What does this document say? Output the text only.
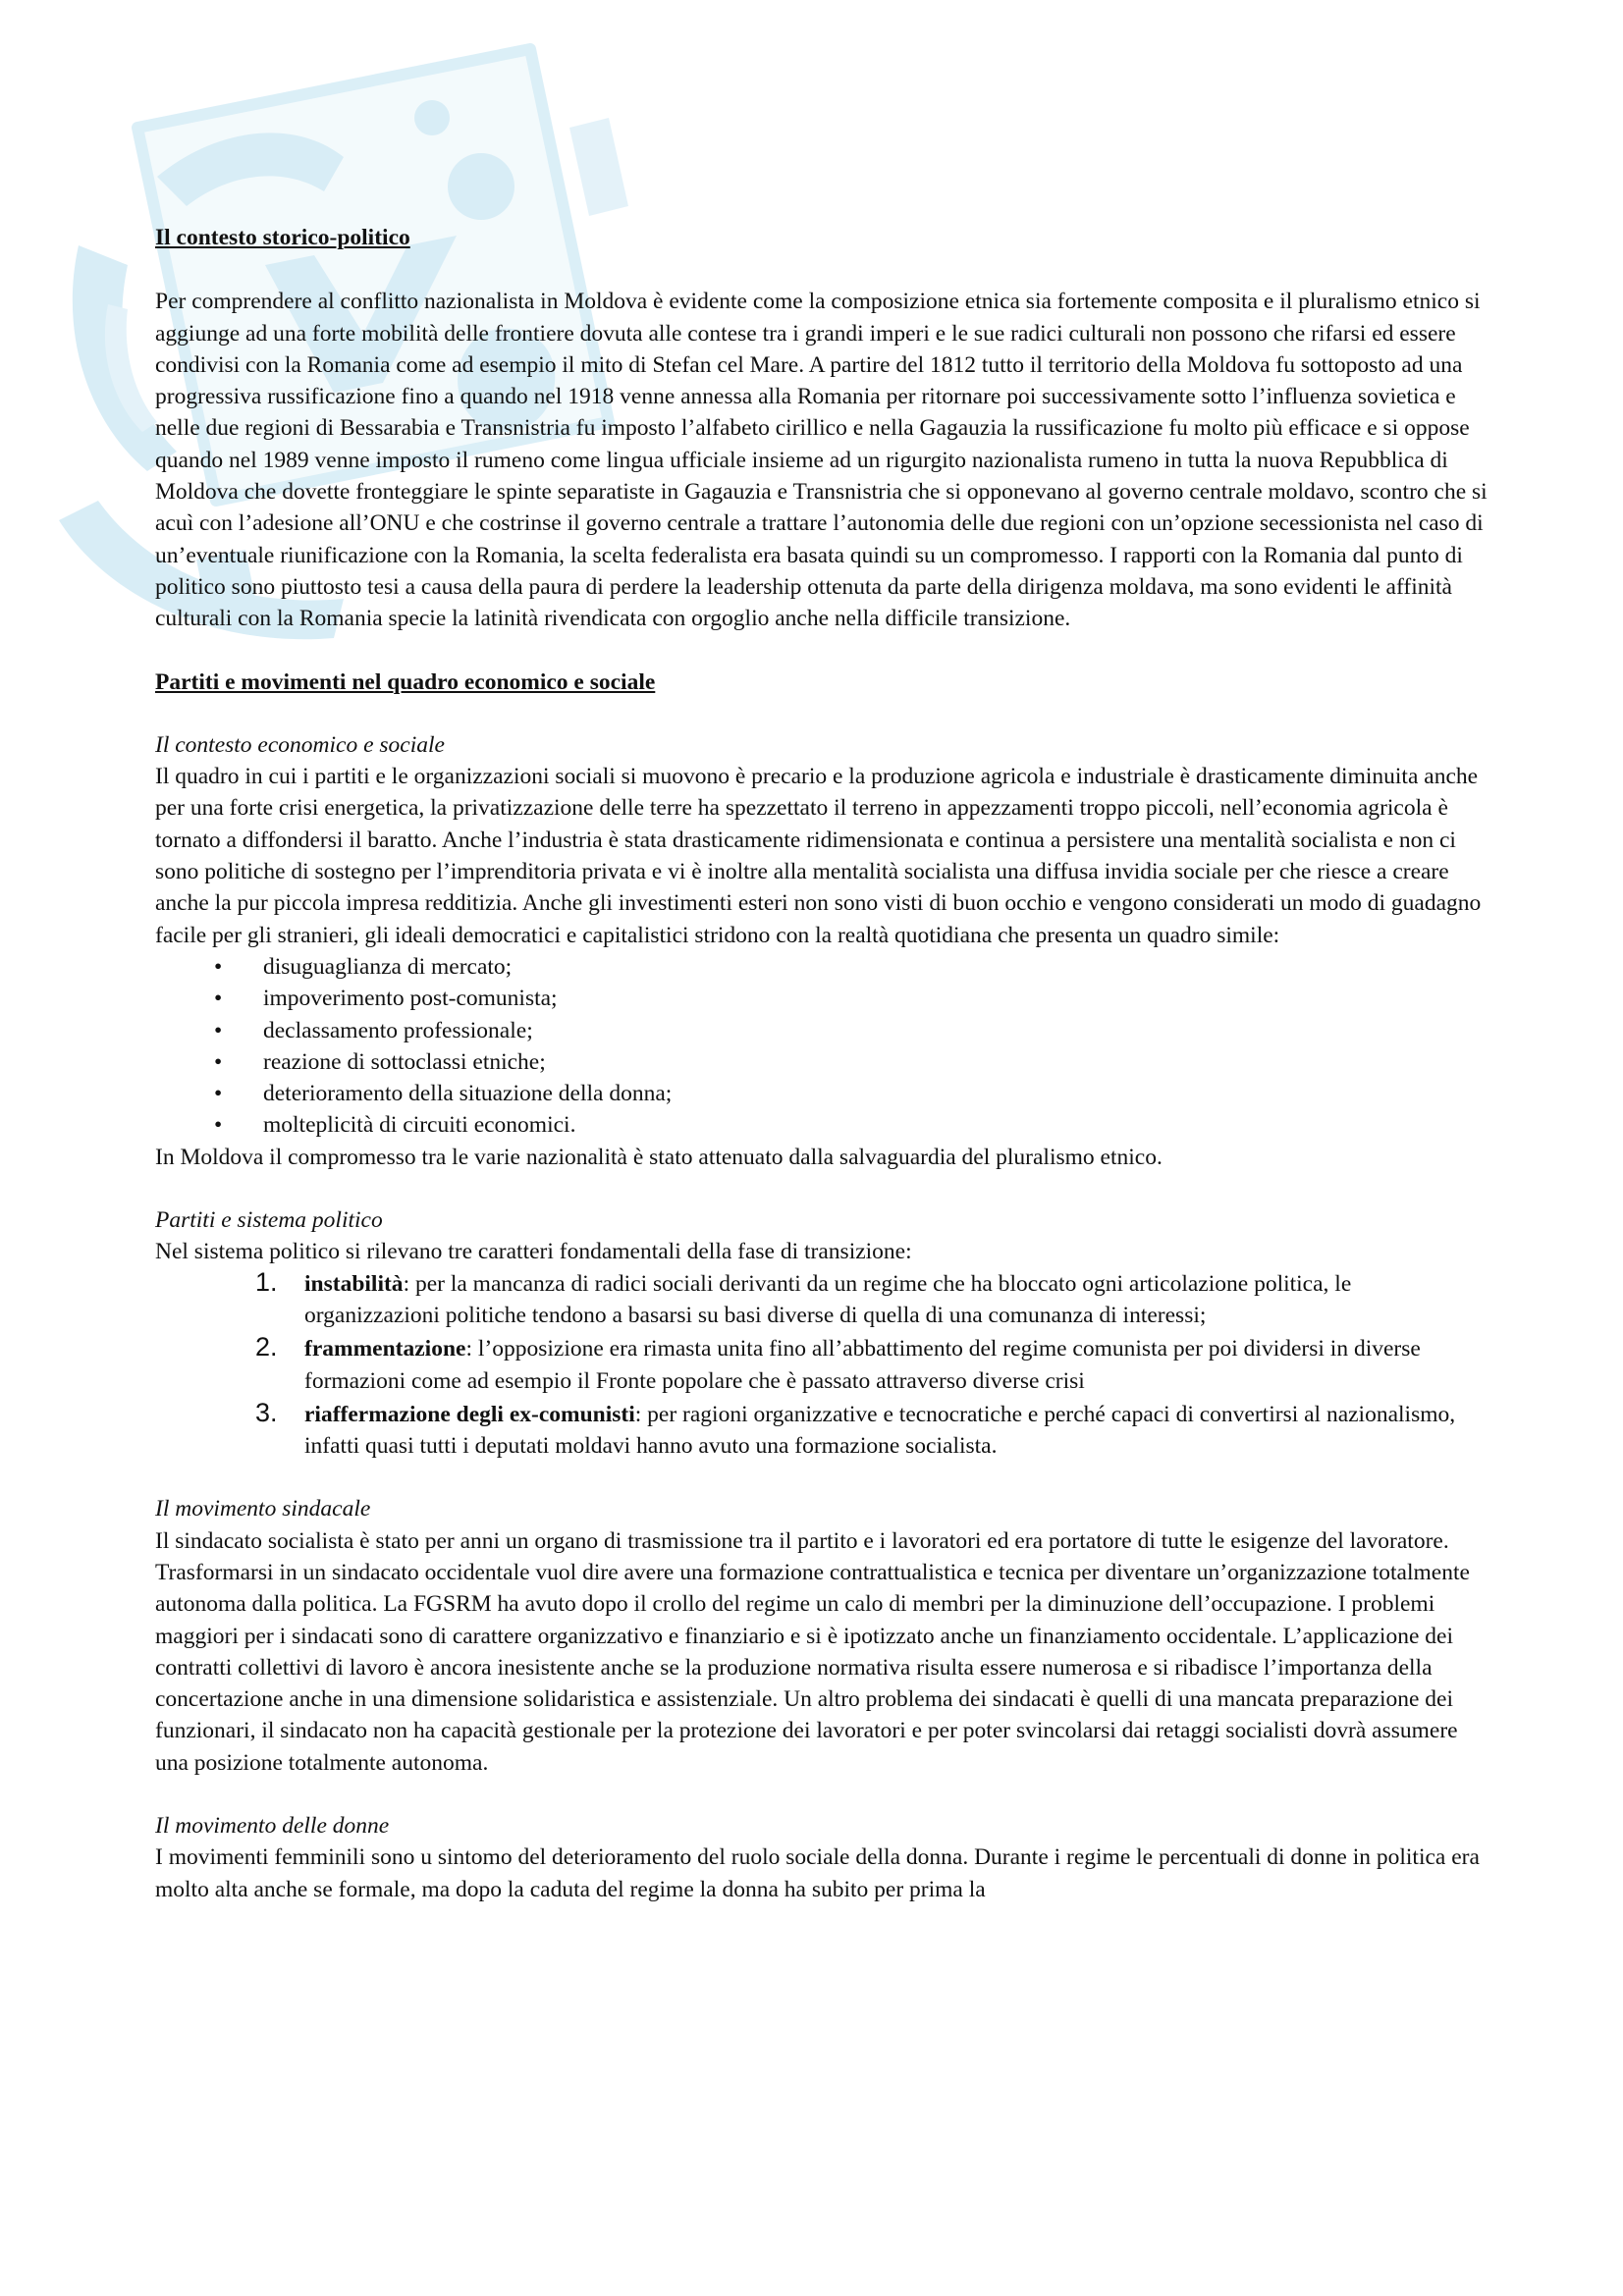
Il contesto storico-politico

Per comprendere al conflitto nazionalista in Moldova è evidente come la composizione etnica sia fortemente composita e il pluralismo etnico si aggiunge ad una forte mobilità delle frontiere dovuta alle contese tra i grandi imperi e le sue radici culturali non possono che rifarsi ed essere condivisi con la Romania come ad esempio il mito di Stefan cel Mare. A partire del 1812 tutto il territorio della Moldova fu sottoposto ad una progressiva russificazione fino a quando nel 1918 venne annessa alla Romania per ritornare poi successivamente sotto l’influenza sovietica e nelle due regioni di Bessarabia e Transnistria fu imposto l’alfabeto cirillico e nella Gagauzia la russificazione fu molto più efficace e si oppose quando nel 1989 venne imposto il rumeno come lingua ufficiale insieme ad un rigurgito nazionalista rumeno in tutta la nuova Repubblica di Moldova che dovette fronteggiare le spinte separatiste in Gagauzia e Transnistria che si opponevano al governo centrale moldavo, scontro che si acuì con l’adesione all’ONU e che costrinse il governo centrale a trattare l’autonomia delle due regioni con un’opzione secessionista nel caso di un’eventuale riunificazione con la Romania, la scelta federalista era basata quindi su un compromesso. I rapporti con la Romania dal punto di politico sono piuttosto tesi a causa della paura di perdere la leadership ottenuta da parte della dirigenza moldava, ma sono evidenti le affinità culturali con la Romania specie la latinità rivendicata con orgoglio anche nella difficile transizione.

Partiti e movimenti nel quadro economico e sociale
Il contesto economico e sociale

Il quadro in cui i partiti e le organizzazioni sociali si muovono è precario e la produzione agricola e industriale è drasticamente diminuita anche per una forte crisi energetica, la privatizzazione delle terre ha spezzettato il terreno in appezzamenti troppo piccoli, nell’economia agricola è tornato a diffondersi il baratto. Anche l’industria è stata drasticamente ridimensionata e continua a persistere una mentalità socialista e non ci sono politiche di sostegno per l’imprenditoria privata e vi è inoltre alla mentalità socialista una diffusa invidia sociale per che riesce a creare anche la pur piccola impresa redditizia. Anche gli investimenti esteri non sono visti di buon occhio e vengono considerati un modo di guadagno facile per gli stranieri, gli ideali democratici e capitalistici stridono con la realtà quotidiana che presenta un quadro simile:

• disuguaglianza di mercato;
• impoverimento post-comunista;
• declassamento professionale;
• reazione di sottoclassi etniche;
• deterioramento della situazione della donna;
• molteplicità di circuiti economici.

In Moldova il compromesso tra le varie nazionalità è stato attenuato dalla salvaguardia del pluralismo etnico.

Partiti e sistema politico

Nel sistema politico si rilevano tre caratteri fondamentali della fase di transizione:

1. instabilità: per la mancanza di radici sociali derivanti da un regime che ha bloccato ogni articolazione politica, le organizzazioni politiche tendono a basarsi su basi diverse di quella di una comunanza di interessi;
2. frammentazione: l’opposizione era rimasta unita fino all’abbattimento del regime comunista per poi dividersi in diverse formazioni come ad esempio il Fronte popolare che è passato attraverso diverse crisi
3. riaffermazione degli ex-comunisti: per ragioni organizzative e tecnocratiche e perché capaci di convertirsi al nazionalismo, infatti quasi tutti i deputati moldavi hanno avuto una formazione socialista.
Il movimento sindacale

Il sindacato socialista è stato per anni un organo di trasmissione tra il partito e i lavoratori ed era portatore di tutte le esigenze del lavoratore. Trasformarsi in un sindacato occidentale vuol dire avere una formazione contrattualistica e tecnica per diventare un’organizzazione totalmente autonoma dalla politica. La FGSRM ha avuto dopo il crollo del regime un calo di membri per la diminuzione dell’occupazione. I problemi maggiori per i sindacati sono di carattere organizzativo e finanziario e si è ipotizzato anche un finanziamento occidentale. L’applicazione dei contratti collettivi di lavoro è ancora inesistente anche se la produzione normativa risulta essere numerosa e si ribadisce l’importanza della concertazione anche in una dimensione solidaristica e assistenziale. Un altro problema dei sindacati è quelli di una mancata preparazione dei funzionari, il sindacato non ha capacità gestionale per la protezione dei lavoratori e per poter svincolarsi dai retaggi socialisti dovrà assumere una posizione totalmente autonoma.

Il movimento delle donne

I movimenti femminili sono u sintomo del deterioramento del ruolo sociale della donna. Durante i regime le percentuali di donne in politica era molto alta anche se formale, ma dopo la caduta del regime la donna ha subito per prima la
